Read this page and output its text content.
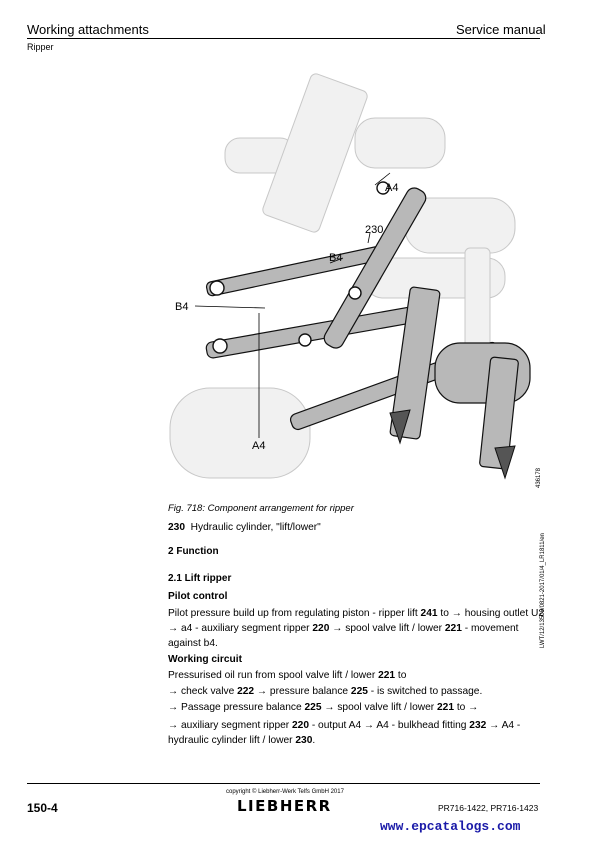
Working attachments	Service manual
Ripper
A4
230
B4
B4
A4
436178
Fig. 718: Component arrangement for ripper
230 Hydraulic cylinder, "lift/lower"
2 Function
2.1 Lift ripper
Pilot control
Pilot pressure build up from regulating piston - ripper lift 241 to → housing outlet U2 → a4 - auxiliary segment ripper 220 → spool valve lift / lower 221 - movement against b4.
Working circuit
Pressurised oil run from spool valve lift / lower 221 to
→ check valve 222 → pressure balance 225 - is switched to passage.
→ Passage pressure balance 225 → spool valve lift / lower 221 to →
→ auxiliary segment ripper 220 - output A4 → A4 - bulkhead fitting 232 → A4 - hydraulic cylinder lift / lower 230.
LWT/12/13505/0821-2017/01/4_LR1811/en
copyright © Liebherr-Werk Telfs GmbH 2017
150-4	LIEBHERR	PR716-1422, PR716-1423
www.epcatalogs.com
